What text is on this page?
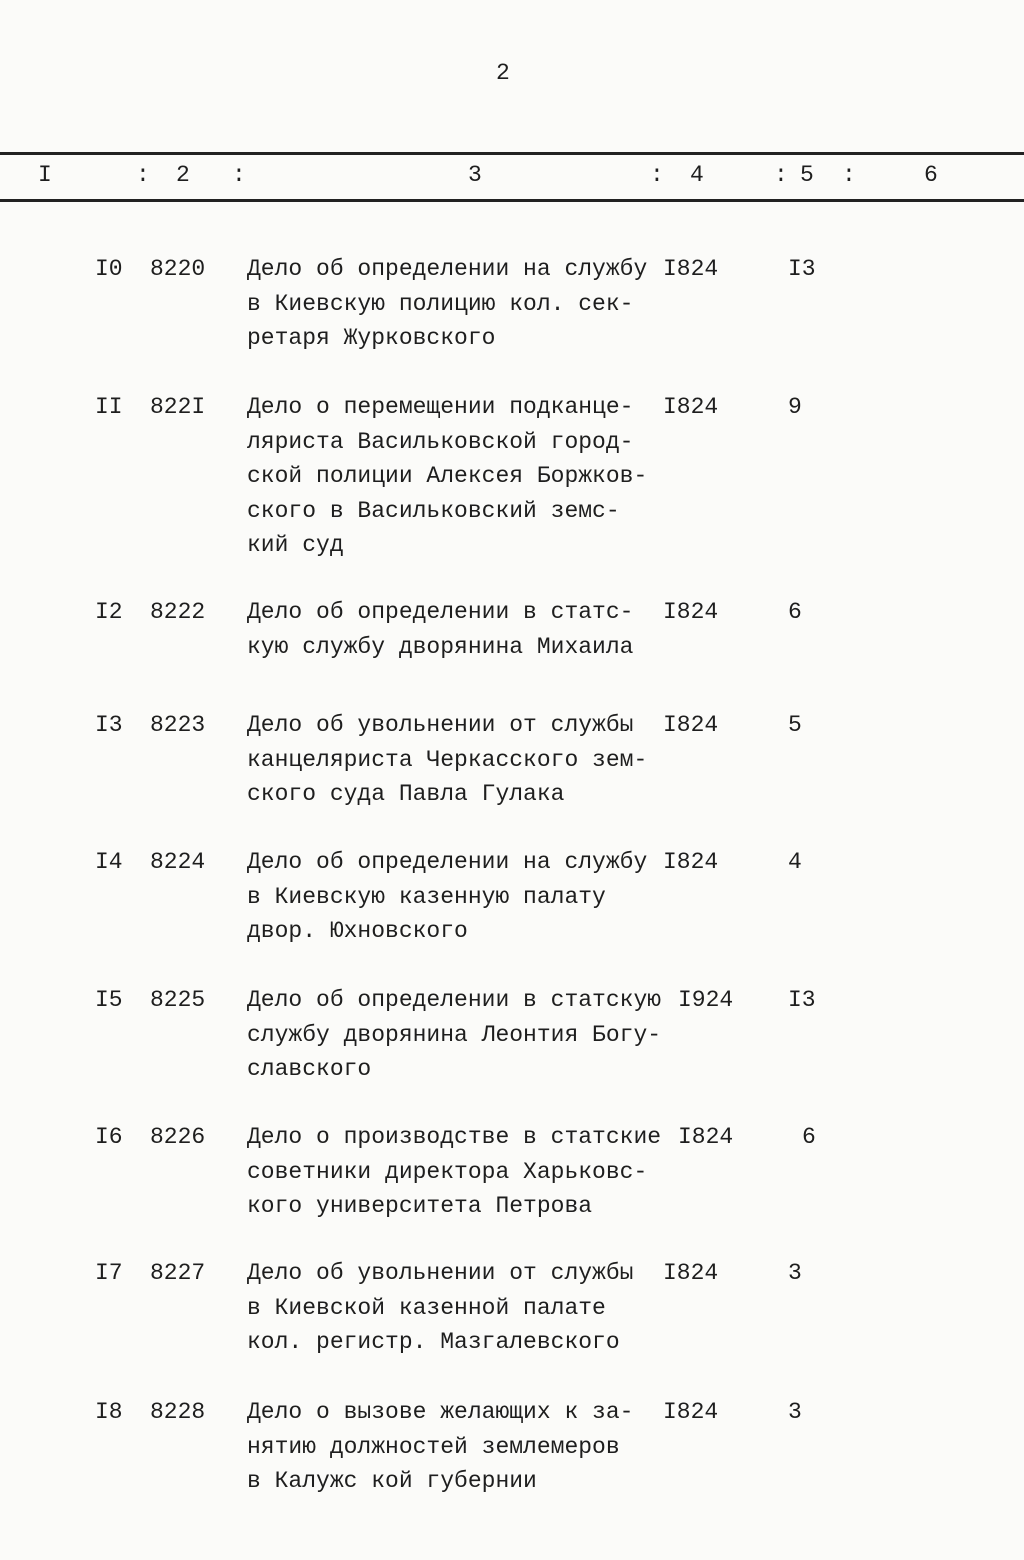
2
I	: 2 :	3	: 4	: 5 :	6
I0 8220 Дело об определении на службу
в Киевскую полицию кол. сек-
ретаря Журковского
I824	I3
II 822I Дело о перемещении подканце-
ляриста Васильковской город-
ской полиции Алексея Боржков-
ского в Васильковский земс-
кий суд
I824	9
I2 8222 Дело об определении в статс-
кую службу дворянина Михаила
I824	6
I3 8223 Дело об увольнении от службы
канцеляриста Черкасского зем-
ского суда Павла Гулака
I824	5
I4 8224 Дело об определении на службу
в Киевскую казенную палату
двор. Юхновского
I824	4
I5 8225 Дело об определении в статскую
службу дворянина Леонтия Богу-
славского
I924 I3
I6 8226 Дело о производстве в статские
советники директора Харьковс-
кого университета Петрова
I824	6
I7 8227 Дело об увольнении от службы
в Киевской казенной палате
кол. регистр. Мазгалевского
I824	3
I8 8228 Дело о вызове желающих к за-
нятию должностей землемеров
в Калужс кой губернии
I824	3
